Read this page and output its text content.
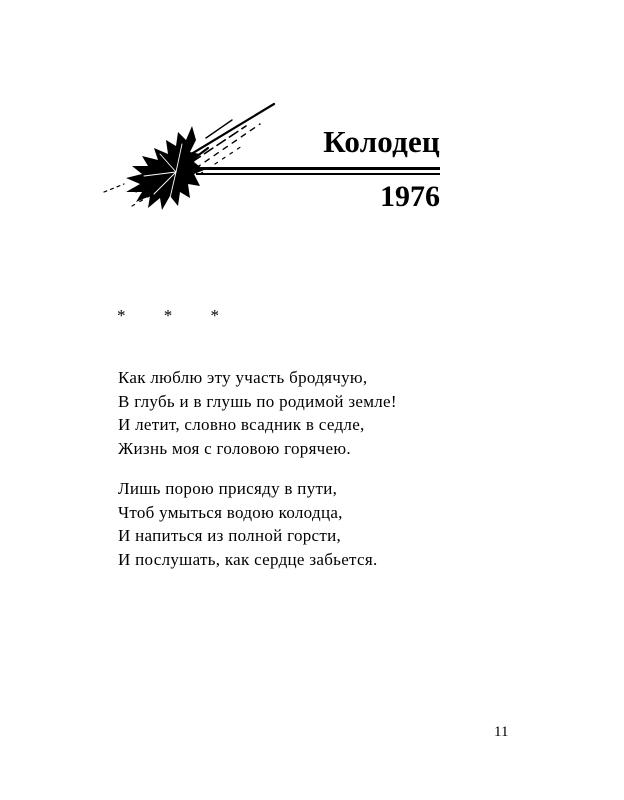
Колодец
1976
* * *
Как люблю эту участь бродячую,
В глубь и в глушь по родимой земле!
И летит, словно всадник в седле,
Жизнь моя с головою горячею.
Лишь порою присяду в пути,
Чтоб умыться водою колодца,
И напиться из полной горсти,
И послушать, как сердце забьется.
11
